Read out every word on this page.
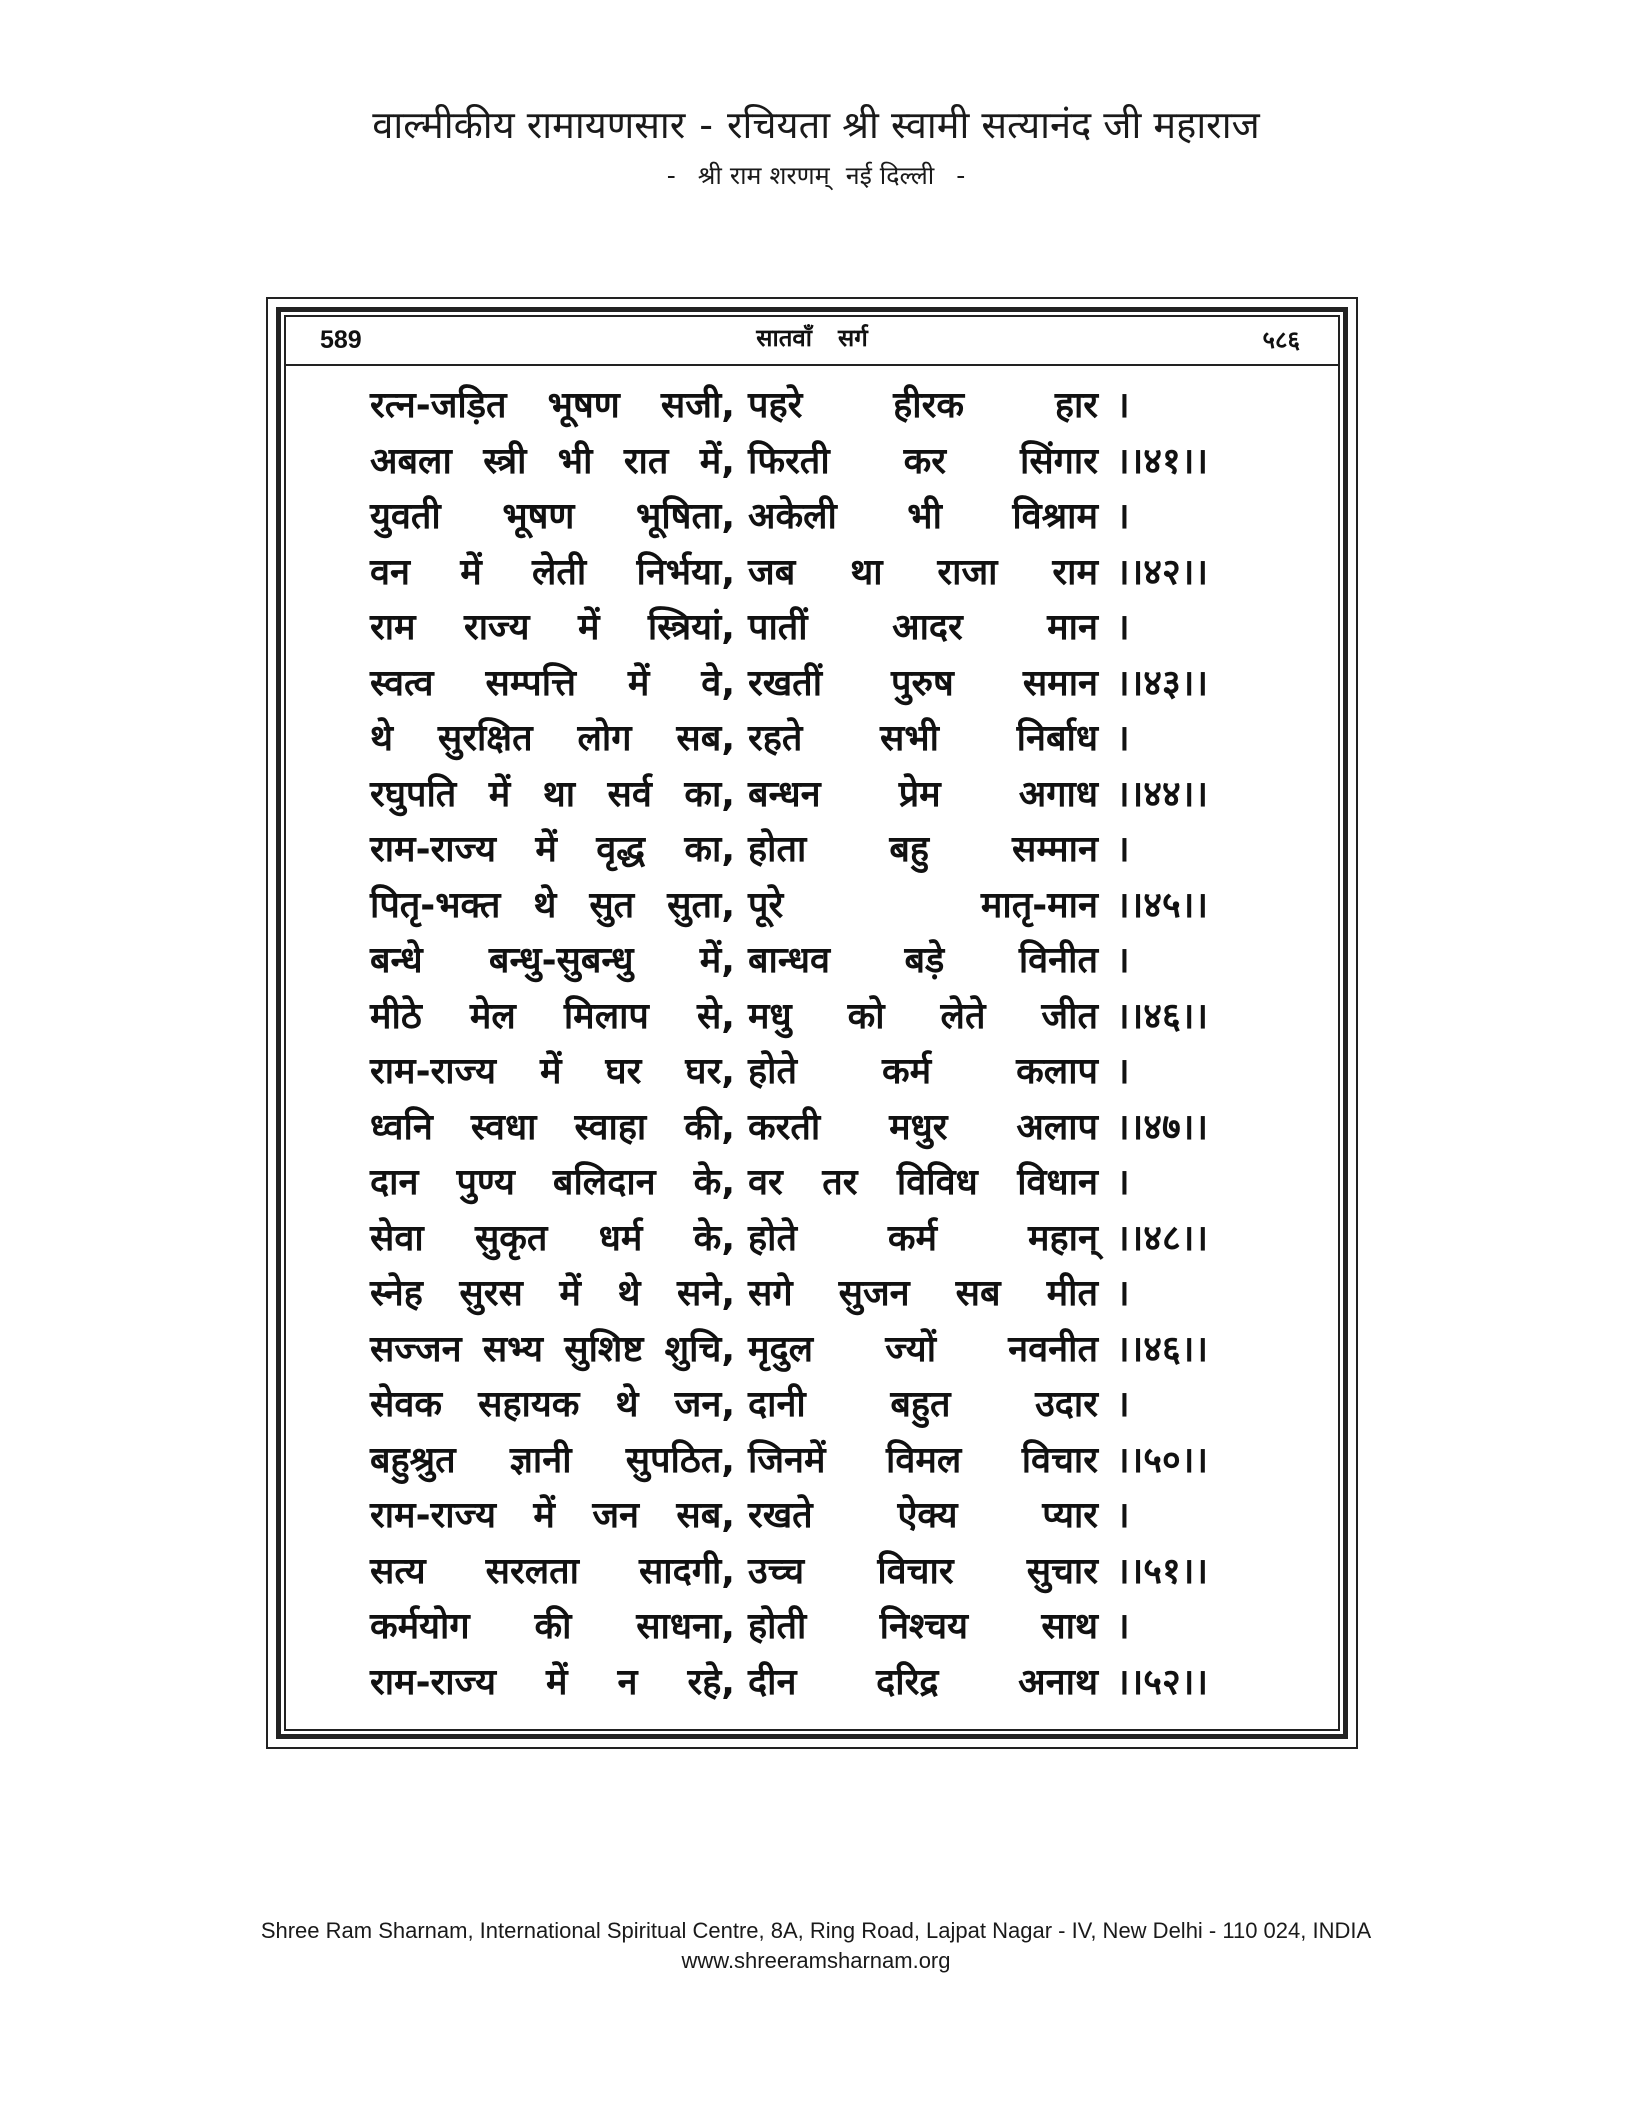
वाल्मीकीय रामायणसार - रचियता श्री स्वामी सत्यानंद जी महाराज
- श्री राम शरणम् नई दिल्ली -
589	सातवाँ सर्ग	५८६
रत्न-जड़ित भूषण सजी, पहरे	हीरक	हार ।
अबला स्त्री भी रात में, फिरती कर सिंगार ।।४१।।
युवती भूषण भूषिता, अकेली भी विश्राम ।
वन में लेती निर्भया, जब था राजा राम ।।४२।।
राम राज्य में स्त्रियां, पातीं आदर मान ।
स्वत्व सम्पत्ति में वे, रखतीं पुरुष समान ।।४३।।
थे सुरक्षित लोग सब, रहते सभी निर्बाध ।
रघुपति में था सर्व का, बन्धन प्रेम अगाध ।।४४।।
राम-राज्य में वृद्ध का, होता बहु सम्मान ।
पितृ-भक्त थे सुत सुता, पूरे	मातृ-मान ।।४५।।
बन्धे बन्धु-सुबन्धु में, बान्धव बड़े विनीत ।
मीठे मेल मिलाप से, मधु को लेते जीत ।।४६।।
राम-राज्य में घर घर, होते कर्म कलाप ।
ध्वनि स्वधा स्वाहा की, करती मधुर अलाप ।।४७।।
दान पुण्य बलिदान के, वर तर विविध विधान ।
सेवा सुकृत धर्म के, होते	कर्म	महान् ।।४८।।
स्नेह सुरस में थे सने, सगे सुजन सब मीत ।
सज्जन सभ्य सुशिष्ट शुचि, मृदुल ज्यों नवनीत ।।४६।।
सेवक सहायक थे जन, दानी बहुत उदार ।
बहुश्रुत ज्ञानी सुपठित, जिनमें विमल विचार ।।५०।।
राम-राज्य में जन सब, रखते ऐक्य प्यार ।
सत्य सरलता सादगी, उच्च विचार सुचार ।।५१।।
कर्मयोग की साधना, होती निश्चय साथ ।
राम-राज्य में न रहे, दीन दरिद्र अनाथ ।।५२।।
Shree Ram Sharnam, International Spiritual Centre, 8A, Ring Road, Lajpat Nagar - IV, New Delhi - 110 024, INDIA
www.shreeramsharnam.org
